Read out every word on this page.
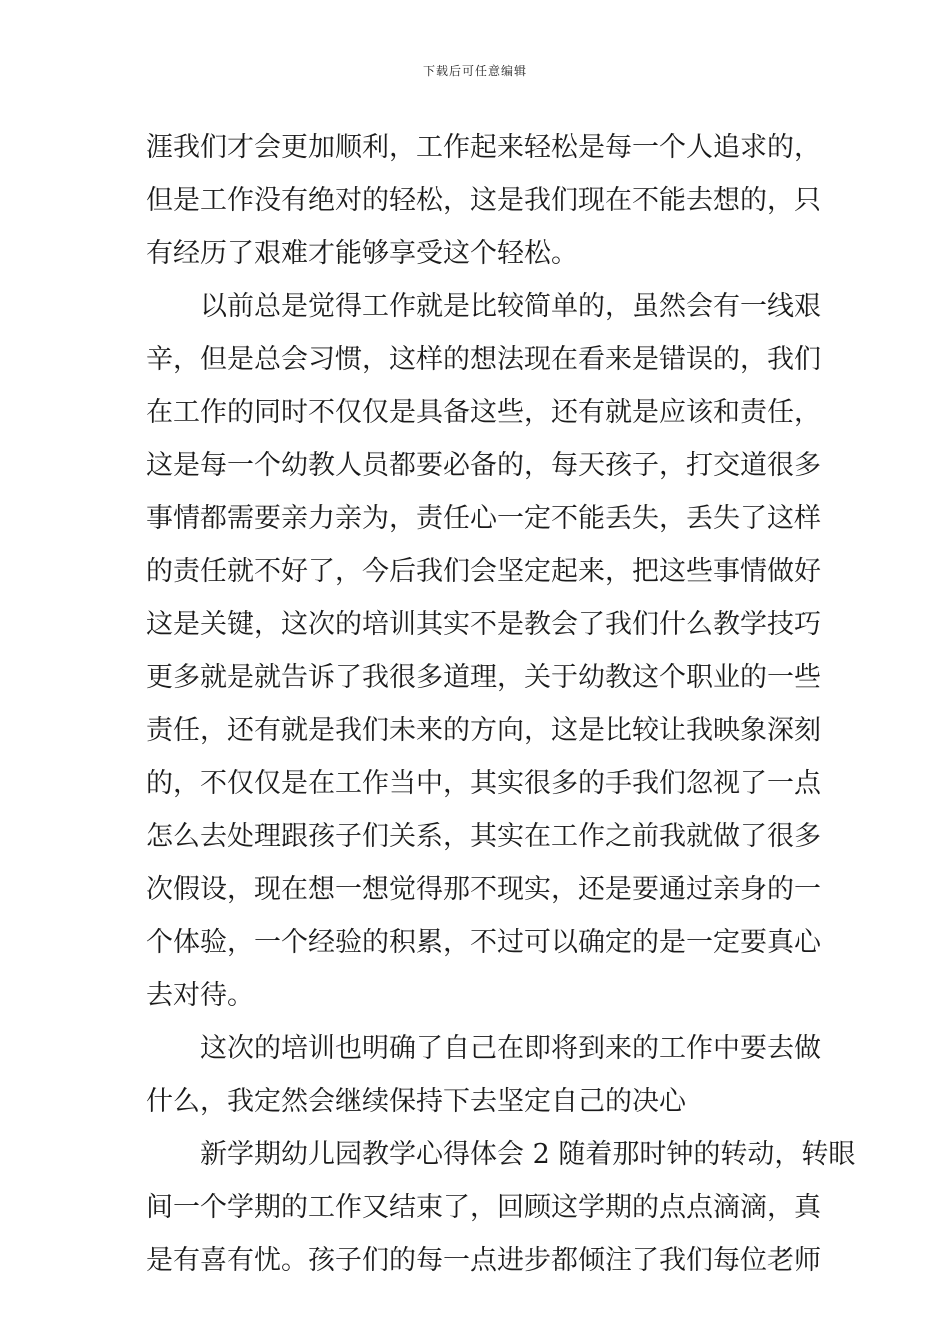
下载后可任意编辑
涯我们才会更加顺利，工作起来轻松是每一个人追求的，
但是工作没有绝对的轻松，这是我们现在不能去想的，只
有经历了艰难才能够享受这个轻松。
以前总是觉得工作就是比较简单的，虽然会有一线艰
辛，但是总会习惯，这样的想法现在看来是错误的，我们
在工作的同时不仅仅是具备这些，还有就是应该和责任，
这是每一个幼教人员都要必备的，每天孩子，打交道很多
事情都需要亲力亲为，责任心一定不能丢失，丢失了这样
的责任就不好了，今后我们会坚定起来，把这些事情做好
这是关键，这次的培训其实不是教会了我们什么教学技巧
更多就是就告诉了我很多道理，关于幼教这个职业的一些
责任，还有就是我们未来的方向，这是比较让我映象深刻
的，不仅仅是在工作当中，其实很多的手我们忽视了一点
怎么去处理跟孩子们关系，其实在工作之前我就做了很多
次假设，现在想一想觉得那不现实，还是要通过亲身的一
个体验，一个经验的积累，不过可以确定的是一定要真心
去对待。
这次的培训也明确了自己在即将到来的工作中要去做
什么，我定然会继续保持下去坚定自己的决心
新学期幼儿园教学心得体会 2 随着那时钟的转动，转眼
间一个学期的工作又结束了，回顾这学期的点点滴滴，真
是有喜有忧。孩子们的每一点进步都倾注了我们每位老师
